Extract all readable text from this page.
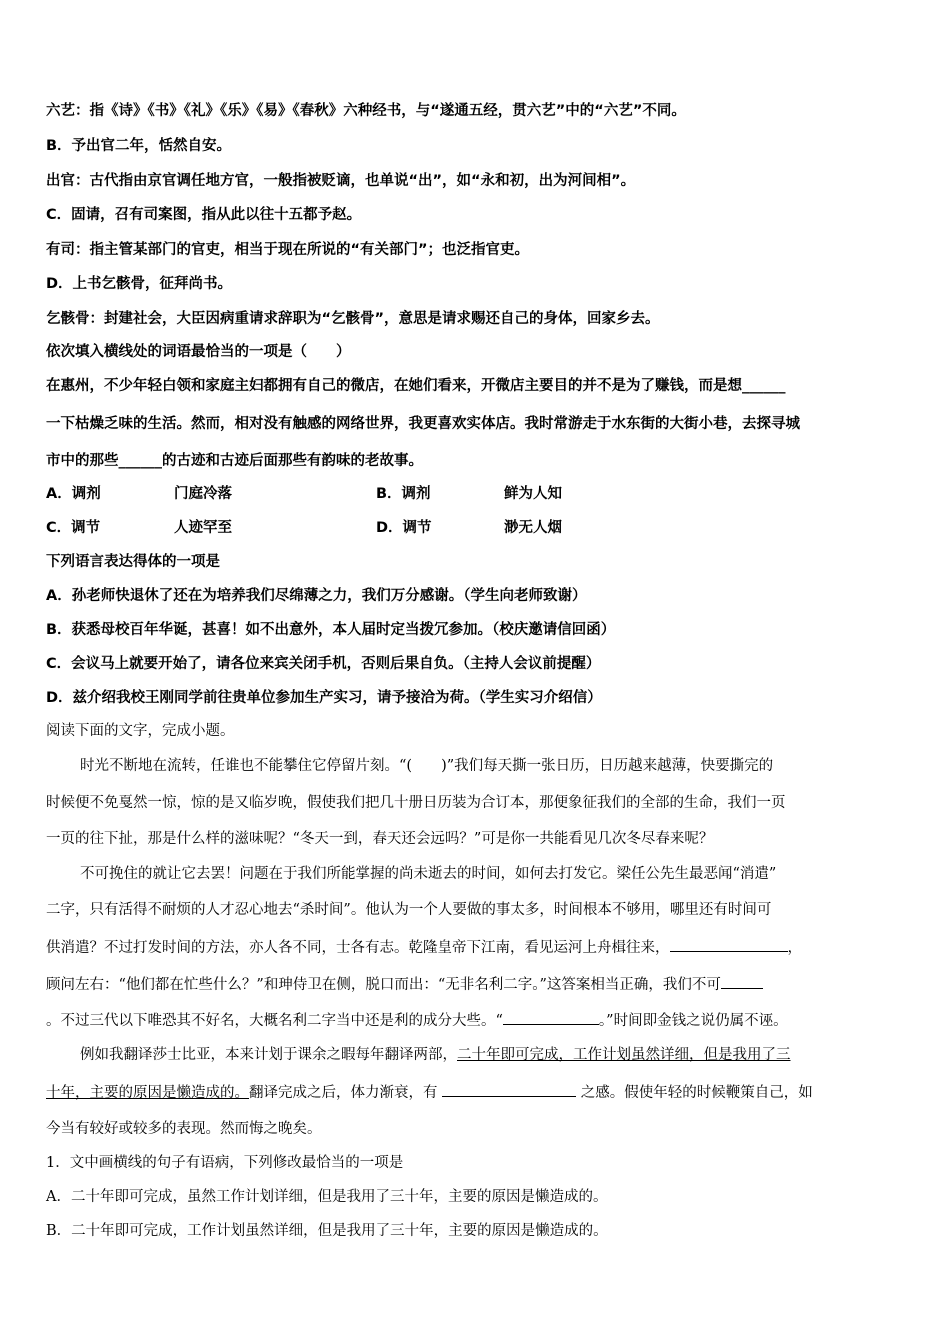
六艺：指《诗》《书》《礼》《乐》《易》《春秋》六种经书，与“遂通五经，贯六艺”中的“六艺”不同。
B．予出官二年，恬然自安。
出官：古代指由京官调任地方官，一般指被贬谪，也单说“出”，如“永和初，出为河间相”。
C．固请，召有司案图，指从此以往十五都予赵。
有司：指主管某部门的官吏，相当于现在所说的“有关部门”；也泛指官吏。
D．上书乞骸骨，征拜尚书。
乞骸骨：封建社会，大臣因病重请求辞职为“乞骸骨”，意思是请求赐还自己的身体，回家乡去。
依次填入横线处的词语最恰当的一项是（　　）
在惠州，不少年轻白领和家庭主妇都拥有自己的微店，在她们看来，开微店主要目的并不是为了赚钱，而是想______
一下枯燥乏味的生活。然而，相对没有触感的网络世界，我更喜欢实体店。我时常游走于水东街的大街小巷，去探寻城
市中的那些______的古迹和古迹后面那些有韵味的老故事。
A．调剂	门庭冷落	B．调剂	鲜为人知
C．调节	人迹罕至	D．调节	渺无人烟
下列语言表达得体的一项是
A．孙老师快退休了还在为培养我们尽绵薄之力，我们万分感谢。（学生向老师致谢）
B．获悉母校百年华诞，甚喜！如不出意外，本人届时定当拨冗参加。（校庆邀请信回函）
C．会议马上就要开始了，请各位来宾关闭手机，否则后果自负。（主持人会议前提醒）
D．兹介绍我校王刚同学前往贵单位参加生产实习，请予接洽为荷。（学生实习介绍信）
阅读下面的文字，完成小题。
时光不断地在流转，任谁也不能攀住它停留片刻。“(　　)”我们每天撕一张日历，日历越来越薄，快要撕完的
时候便不免戛然一惊，惊的是又临岁晚，假使我们把几十册日历装为合订本，那便象征我们的全部的生命，我们一页
一页的往下扯，那是什么样的滋味呢？“冬天一到，春天还会远吗？”可是你一共能看见几次冬尽春来呢？
不可挽住的就让它去罢！问题在于我们所能掌握的尚未逝去的时间，如何去打发它。梁任公先生最恶闻“消遣”
二字，只有活得不耐烦的人才忍心地去“杀时间”。他认为一个人要做的事太多，时间根本不够用，哪里还有时间可
供消遣？不过打发时间的方法，亦人各不同，士各有志。乾隆皇帝下江南，看见运河上舟楫往来，	，
顾问左右：“他们都在忙些什么？”和珅侍卫在侧，脱口而出：“无非名利二字。”这答案相当正确，我们不可
。不过三代以下唯恐其不好名，大概名利二字当中还是利的成分大些。“	。”时间即金钱之说仍属不诬。
例如我翻译莎士比亚，本来计划于课余之暇每年翻译两部，二十年即可完成，工作计划虽然详细，但是我用了三
十年，主要的原因是懒造成的。翻译完成之后，体力渐衰，有	之感。假使年轻的时候鞭策自己，如
今当有较好或较多的表现。然而悔之晚矣。
1．文中画横线的句子有语病，下列修改最恰当的一项是
A．二十年即可完成，虽然工作计划详细，但是我用了三十年，主要的原因是懒造成的。
B．二十年即可完成，工作计划虽然详细，但是我用了三十年，主要的原因是懒造成的。
